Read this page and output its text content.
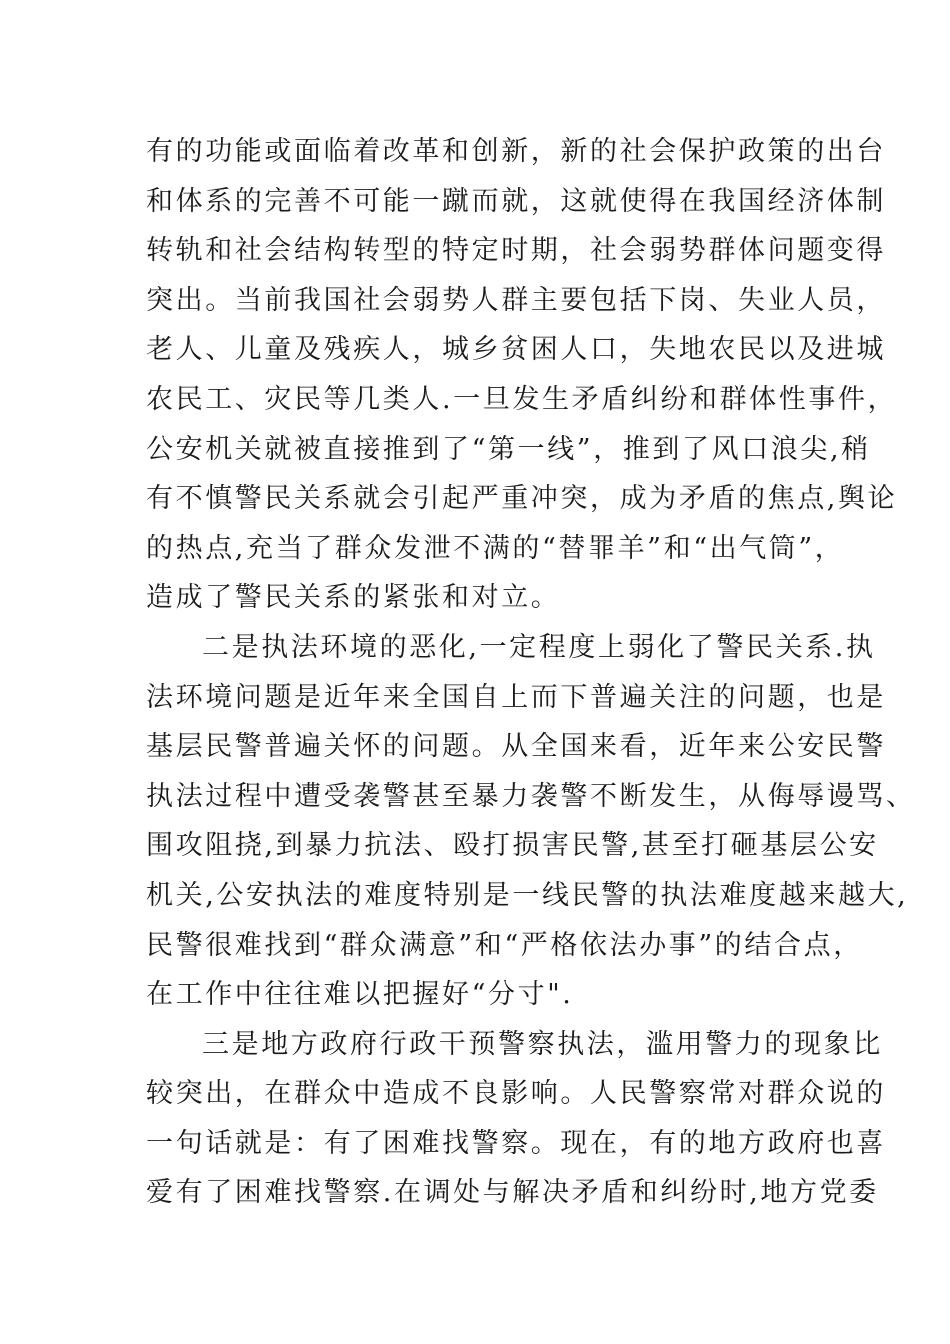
有的功能或面临着改革和创新，新的社会保护政策的出台
和体系的完善不可能一蹴而就，这就使得在我国经济体制
转轨和社会结构转型的特定时期，社会弱势群体问题变得
突出。当前我国社会弱势人群主要包括下岗、失业人员，
老人、儿童及残疾人，城乡贫困人口，失地农民以及进城
农民工、灾民等几类人.一旦发生矛盾纠纷和群体性事件，
公安机关就被直接推到了“第一线”，推到了风口浪尖,稍
有不慎警民关系就会引起严重冲突，成为矛盾的焦点,舆论
的热点,充当了群众发泄不满的“替罪羊”和“出气筒”，
造成了警民关系的紧张和对立。
二是执法环境的恶化,一定程度上弱化了警民关系.执
法环境问题是近年来全国自上而下普遍关注的问题，也是
基层民警普遍关怀的问题。从全国来看，近年来公安民警
执法过程中遭受袭警甚至暴力袭警不断发生，从侮辱谩骂、
围攻阻挠,到暴力抗法、殴打损害民警,甚至打砸基层公安
机关,公安执法的难度特别是一线民警的执法难度越来越大,
民警很难找到“群众满意”和“严格依法办事”的结合点，
在工作中往往难以把握好“分寸".
三是地方政府行政干预警察执法，滥用警力的现象比
较突出，在群众中造成不良影响。人民警察常对群众说的
一句话就是：有了困难找警察。现在，有的地方政府也喜
爱有了困难找警察.在调处与解决矛盾和纠纷时,地方党委
